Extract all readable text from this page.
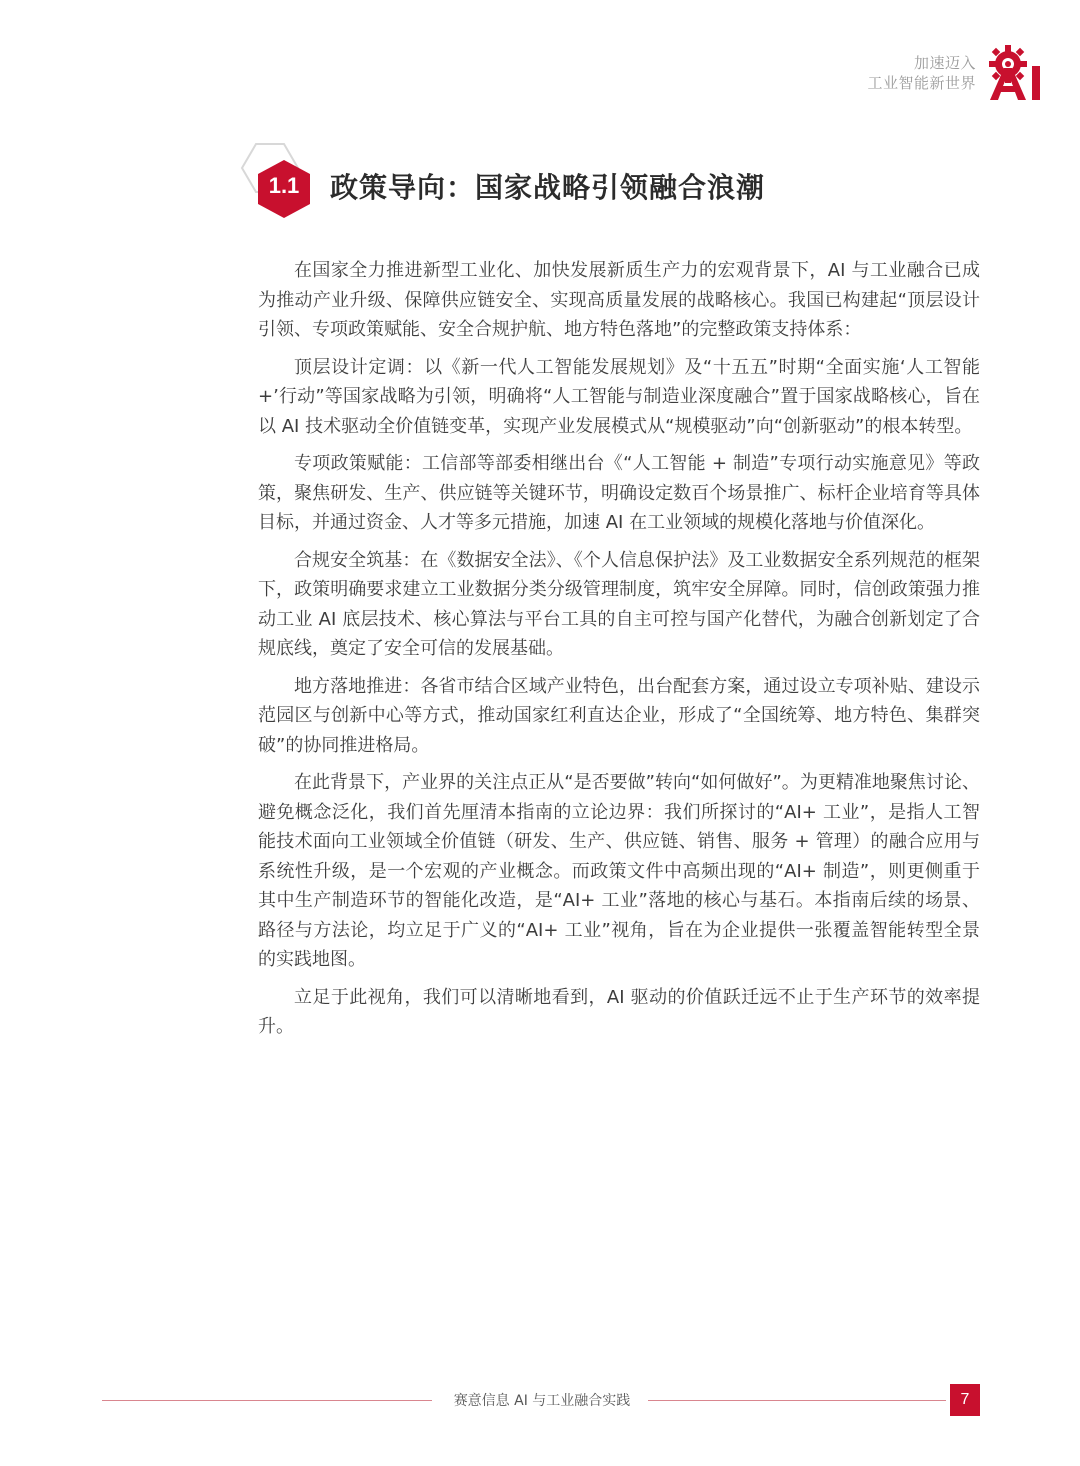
加速迈入
工业智能新世界
1.1	政策导向：国家战略引领融合浪潮

在国家全力推进新型工业化、加快发展新质生产力的宏观背景下，AI 与工业融合已成为推动产业升级、保障供应链安全、实现高质量发展的战略核心。我国已构建起“顶层设计引领、专项政策赋能、安全合规护航、地方特色落地”的完整政策支持体系：

顶层设计定调：以《新一代人工智能发展规划》及“十五五”时期“全面实施‘人工智能 +’行动”等国家战略为引领，明确将“人工智能与制造业深度融合”置于国家战略核心，旨在以 AI 技术驱动全价值链变革，实现产业发展模式从“规模驱动”向“创新驱动”的根本转型。

专项政策赋能：工信部等部委相继出台《“人工智能 + 制造”专项行动实施意见》等政策，聚焦研发、生产、供应链等关键环节，明确设定数百个场景推广、标杆企业培育等具体目标，并通过资金、人才等多元措施，加速 AI 在工业领域的规模化落地与价值深化。

合规安全筑基：在《数据安全法》、《个人信息保护法》及工业数据安全系列规范的框架下，政策明确要求建立工业数据分类分级管理制度，筑牢安全屏障。同时，信创政策强力推动工业 AI 底层技术、核心算法与平台工具的自主可控与国产化替代，为融合创新划定了合规底线，奠定了安全可信的发展基础。

地方落地推进：各省市结合区域产业特色，出台配套方案，通过设立专项补贴、建设示范园区与创新中心等方式，推动国家红利直达企业，形成了“全国统筹、地方特色、集群突破”的协同推进格局。

在此背景下，产业界的关注点正从“是否要做”转向“如何做好”。为更精准地聚焦讨论、避免概念泛化，我们首先厘清本指南的立论边界：我们所探讨的“AI+ 工业”，是指人工智能技术面向工业领域全价值链（研发、生产、供应链、销售、服务 + 管理）的融合应用与系统性升级，是一个宏观的产业概念。而政策文件中高频出现的“AI+ 制造”，则更侧重于其中生产制造环节的智能化改造，是“AI+ 工业”落地的核心与基石。本指南后续的场景、路径与方法论，均立足于广义的“AI+ 工业”视角，旨在为企业提供一张覆盖智能转型全景的实践地图。

立足于此视角，我们可以清晰地看到，AI 驱动的价值跃迁远不止于生产环节的效率提升。

赛意信息 AI 与工业融合实践	7
